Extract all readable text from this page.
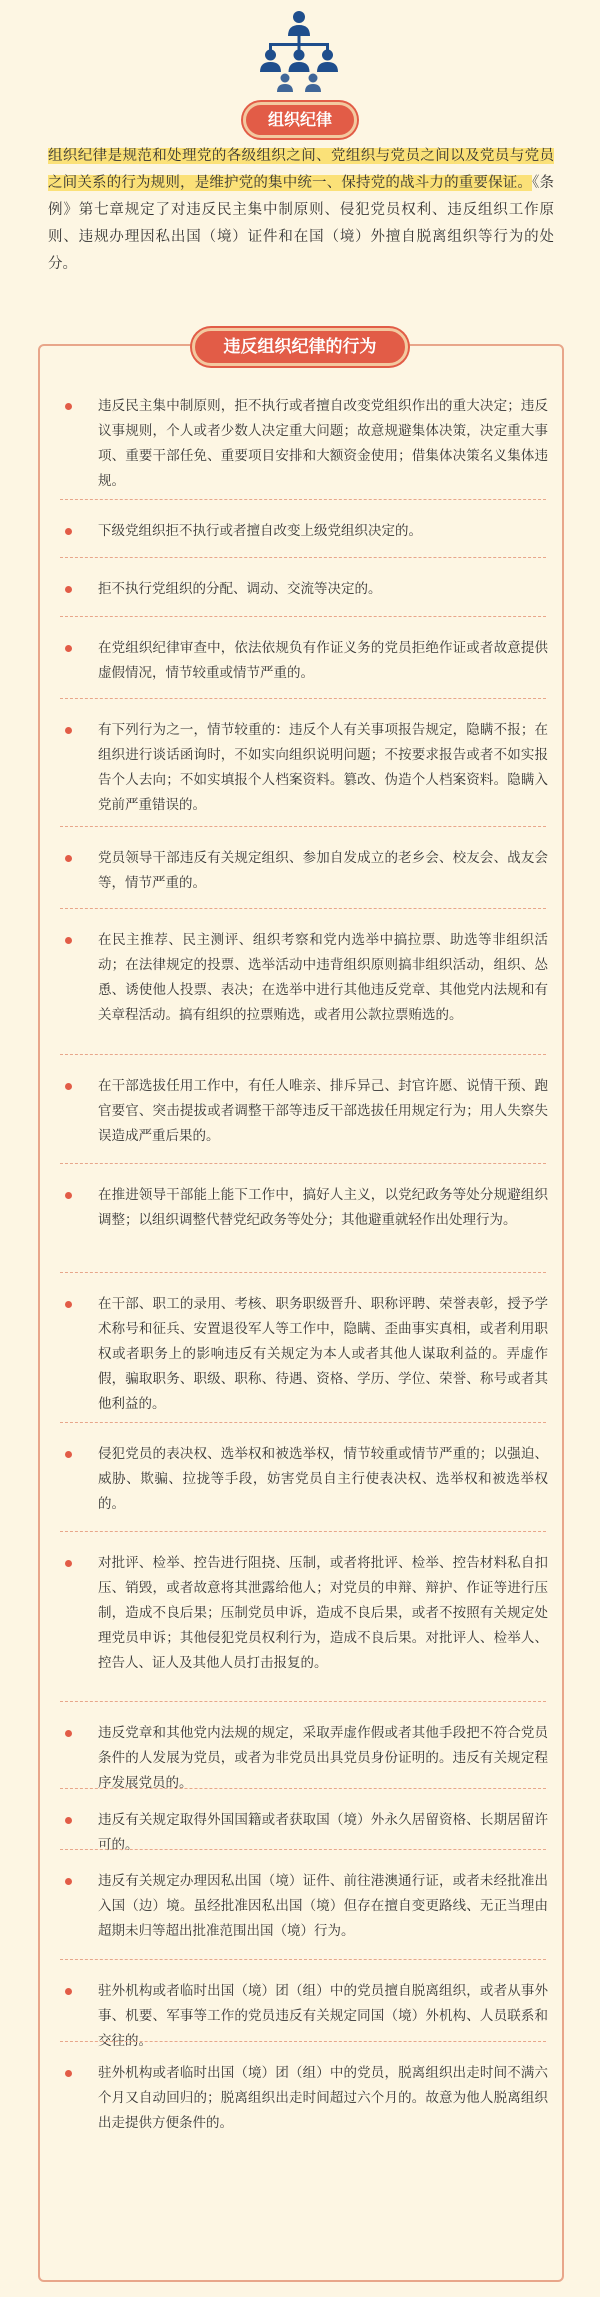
组织纪律
组织纪律是规范和处理党的各级组织之间、党组织与党员之间以及党员与党员之间关系的行为规则，是维护党的集中统一、保持党的战斗力的重要保证。《条例》第七章规定了对违反民主集中制原则、侵犯党员权利、违反组织工作原则、违规办理因私出国（境）证件和在国（境）外擅自脱离组织等行为的处分。
违反民主集中制原则，拒不执行或者擅自改变党组织作出的重大决定；违反议事规则，个人或者少数人决定重大问题；故意规避集体决策，决定重大事项、重要干部任免、重要项目安排和大额资金使用；借集体决策名义集体违规。
下级党组织拒不执行或者擅自改变上级党组织决定的。
拒不执行党组织的分配、调动、交流等决定的。
在党组织纪律审查中，依法依规负有作证义务的党员拒绝作证或者故意提供虚假情况，情节较重或情节严重的。
有下列行为之一，情节较重的：违反个人有关事项报告规定，隐瞒不报；在组织进行谈话函询时，不如实向组织说明问题；不按要求报告或者不如实报告个人去向；不如实填报个人档案资料。篡改、伪造个人档案资料。隐瞒入党前严重错误的。
党员领导干部违反有关规定组织、参加自发成立的老乡会、校友会、战友会等，情节严重的。
在民主推荐、民主测评、组织考察和党内选举中搞拉票、助选等非组织活动；在法律规定的投票、选举活动中违背组织原则搞非组织活动，组织、怂恿、诱使他人投票、表决；在选举中进行其他违反党章、其他党内法规和有关章程活动。搞有组织的拉票贿选，或者用公款拉票贿选的。
在干部选拔任用工作中，有任人唯亲、排斥异己、封官许愿、说情干预、跑官要官、突击提拔或者调整干部等违反干部选拔任用规定行为；用人失察失误造成严重后果的。
在推进领导干部能上能下工作中，搞好人主义，以党纪政务等处分规避组织调整；以组织调整代替党纪政务等处分；其他避重就轻作出处理行为。
在干部、职工的录用、考核、职务职级晋升、职称评聘、荣誉表彰，授予学术称号和征兵、安置退役军人等工作中，隐瞒、歪曲事实真相，或者利用职权或者职务上的影响违反有关规定为本人或者其他人谋取利益的。弄虚作假，骗取职务、职级、职称、待遇、资格、学历、学位、荣誉、称号或者其他利益的。
侵犯党员的表决权、选举权和被选举权，情节较重或情节严重的；以强迫、威胁、欺骗、拉拢等手段，妨害党员自主行使表决权、选举权和被选举权的。
对批评、检举、控告进行阻挠、压制，或者将批评、检举、控告材料私自扣压、销毁，或者故意将其泄露给他人；对党员的申辩、辩护、作证等进行压制，造成不良后果；压制党员申诉，造成不良后果，或者不按照有关规定处理党员申诉；其他侵犯党员权利行为，造成不良后果。对批评人、检举人、控告人、证人及其他人员打击报复的。
违反党章和其他党内法规的规定，采取弄虚作假或者其他手段把不符合党员条件的人发展为党员，或者为非党员出具党员身份证明的。违反有关规定程序发展党员的。
违反有关规定取得外国国籍或者获取国（境）外永久居留资格、长期居留许可的。
违反有关规定办理因私出国（境）证件、前往港澳通行证，或者未经批准出入国（边）境。虽经批准因私出国（境）但存在擅自变更路线、无正当理由超期未归等超出批准范围出国（境）行为。
驻外机构或者临时出国（境）团（组）中的党员擅自脱离组织，或者从事外事、机要、军事等工作的党员违反有关规定同国（境）外机构、人员联系和交往的。
驻外机构或者临时出国（境）团（组）中的党员，脱离组织出走时间不满六个月又自动回归的；脱离组织出走时间超过六个月的。故意为他人脱离组织出走提供方便条件的。
违反组织纪律的行为
